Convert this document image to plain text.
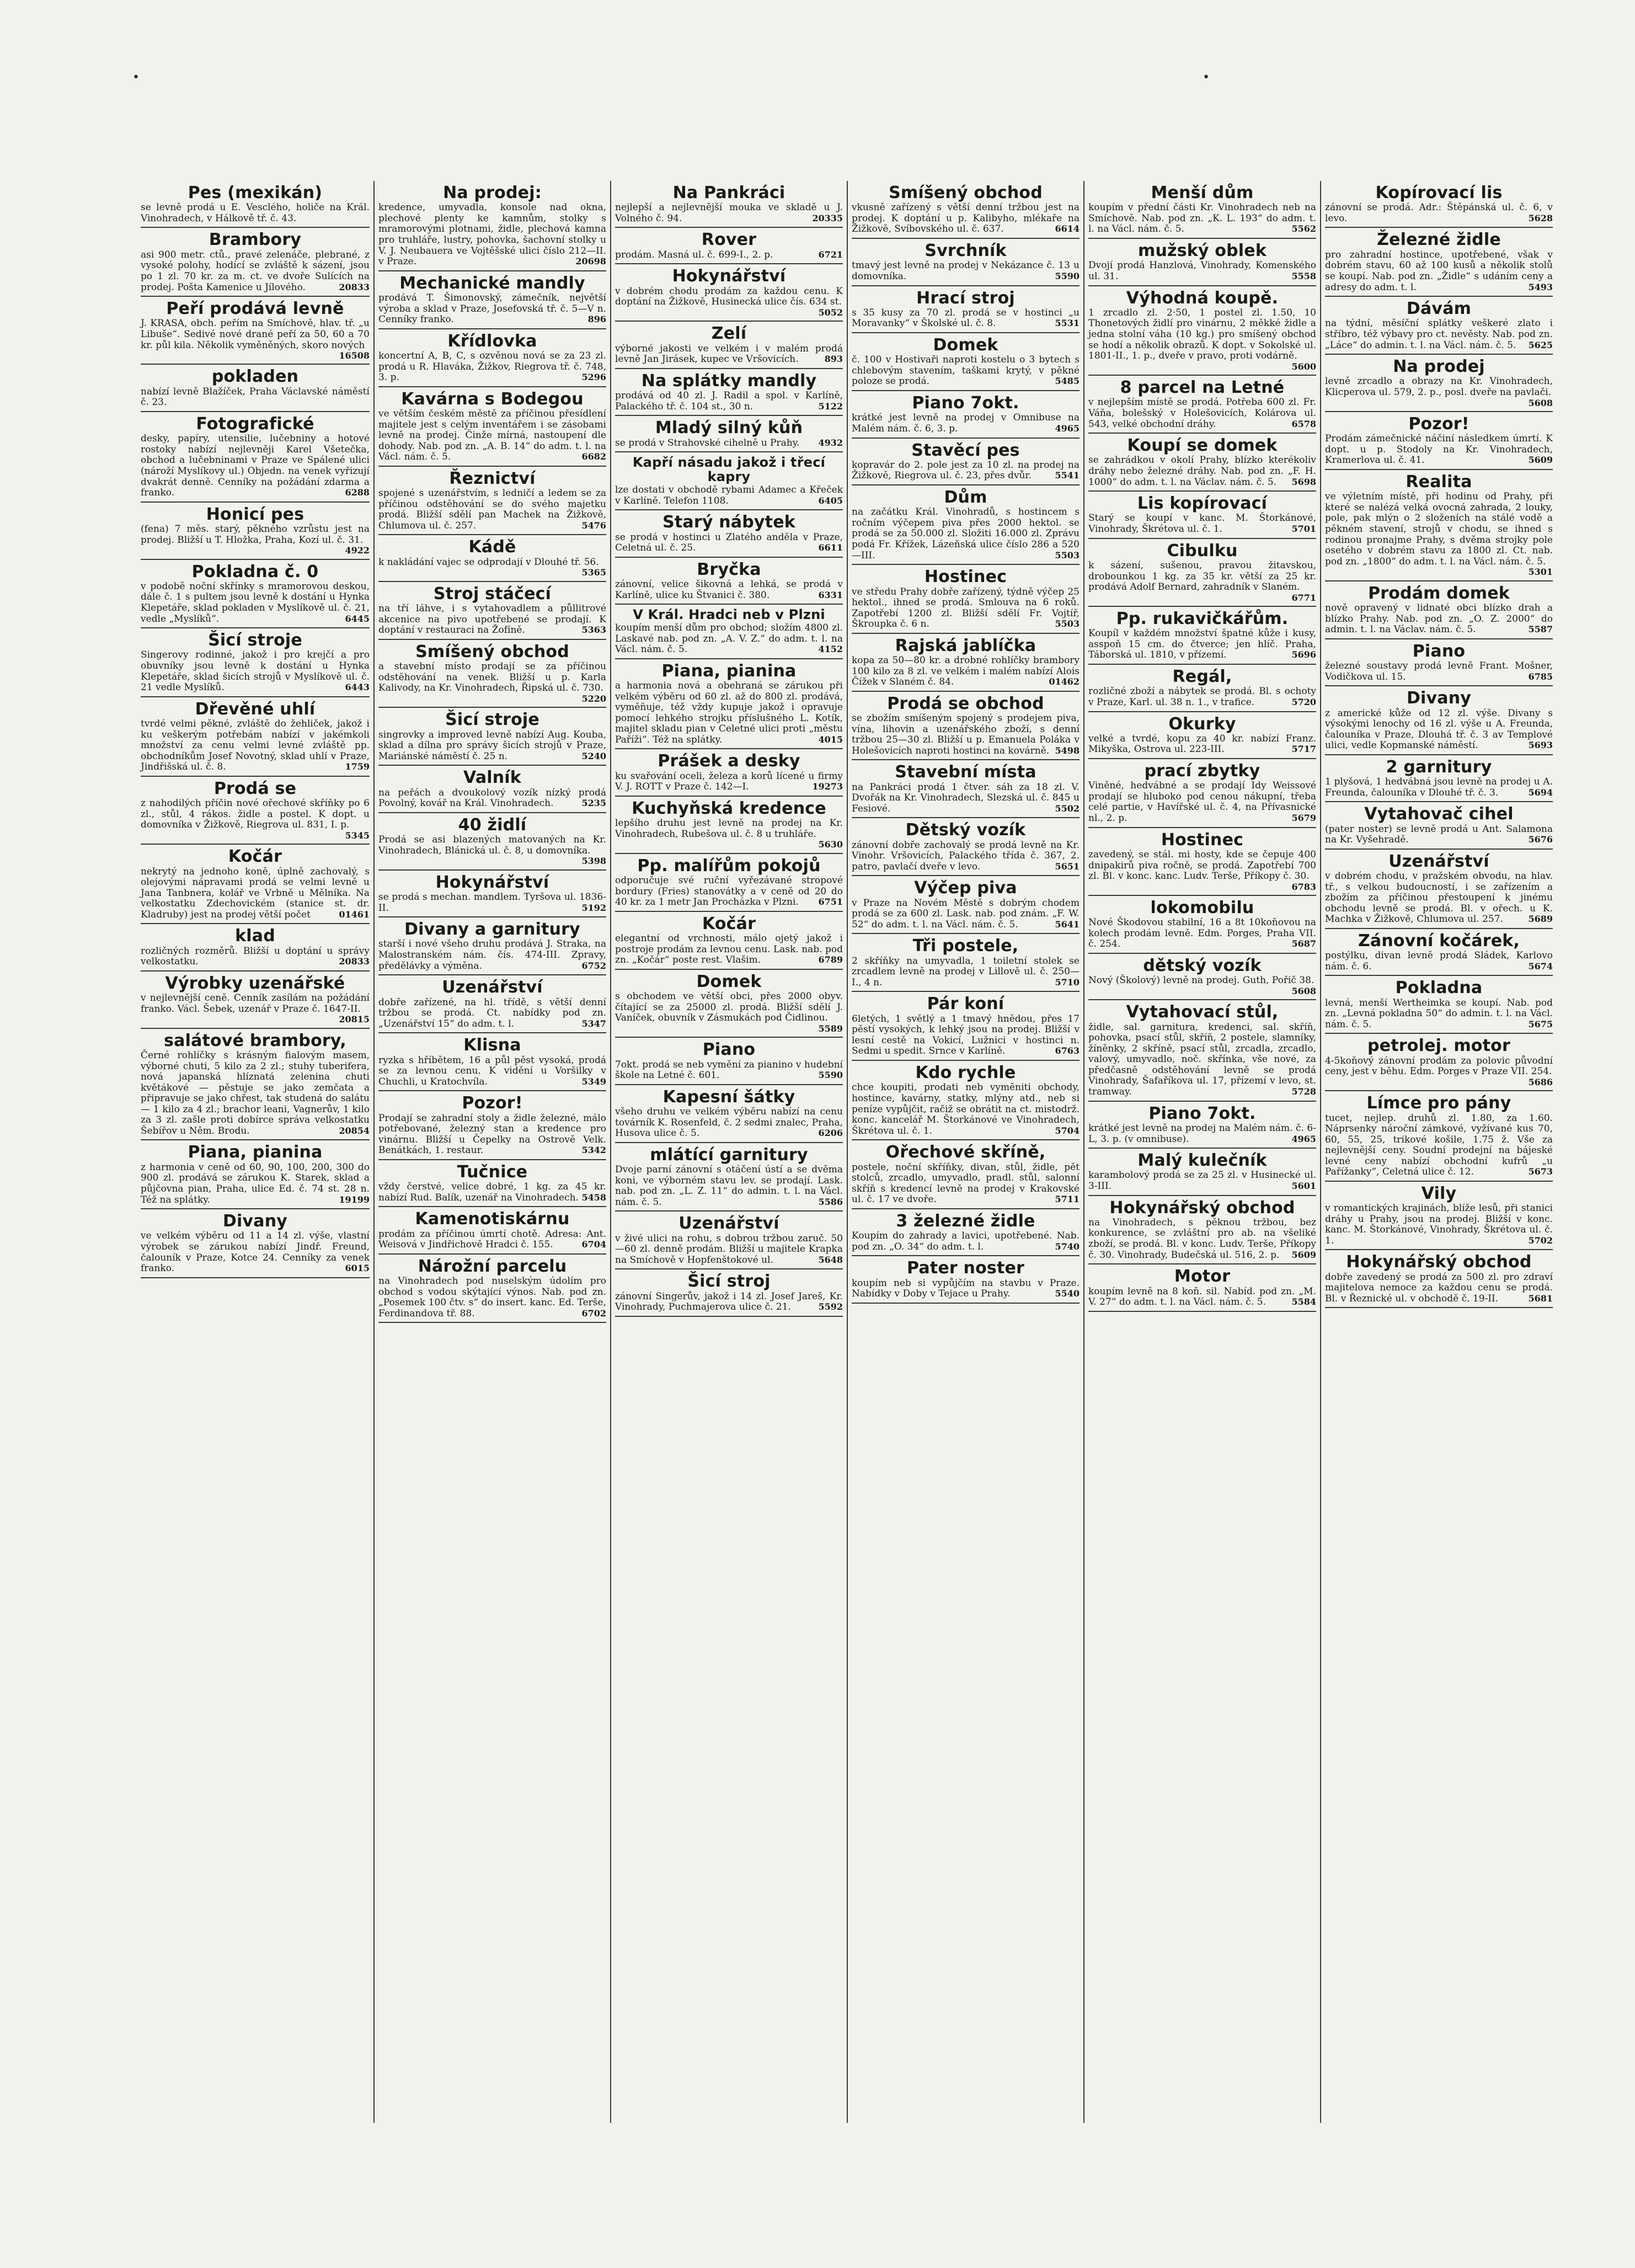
•	•
Pes (mexikán)
se levně prodá u E. Vesclého, holiče na Král. Vinohradech, v Hálkově tř. č. 43.
Brambory
asi 900 metr. ctů., pravé zelenáče, plebrané, z vysoké polohy, hodící se zvláště k sázení, jsou po 1 zl. 70 kr. za m. ct. ve dvoře Sulících na prodej. Pošta Kamenice u Jílového.	20833
Peří prodává levně
J. KRASA, obch. peřím na Smíchově, hlav. tř. „u Libuše“. Sedivé nové drané peří za 50, 60 a 70 kr. půl kila. Několik vyměněných, skoro nových
16508
pokladen
nabízí levně Blažíček, Praha Václavské náměstí č. 23.
Fotografické
desky, papíry, utensilie, lučebniny a hotové rostoky nabízí nejlevněji Karel Všetečka, obchod a lučebninami v Praze ve Spálené ulici (nároží Myslíkovy ul.) Objedn. na venek vyřizují dvakrát denně. Cenníky na požádání zdarma a franko.	6288
Honicí pes
(fena) 7 měs. starý, pěkného vzrůstu jest na prodej. Bližší u T. Hložka, Praha, Kozí ul. č. 31.
4922
Pokladna č. 0
v podobě noční skřínky s mramorovou deskou, dále č. 1 s pultem jsou levně k dostání u Hynka Klepetáře, sklad pokladen v Myslíkově ul. č. 21, vedle „Myslíků“.	6445
Šicí stroje
Singerovy rodinné, jakož i pro krejčí a pro obuvníky jsou levně k dostání u Hynka Klepetáře, sklad šicích strojů v Myslíkově ul. č. 21 vedle Myslíků.	6443
Dřevěné uhlí
tvrdé velmi pěkné, zvláště do žehliček, jakož i ku veškerým potřebám nabízí v jakémkoli množství za cenu velmi levné zvláště pp. obchodníkům Josef Novotný, sklad uhlí v Praze, Jindřišská ul. č. 8.	1759
Prodá se
z nahodilých příčin nové ořechové skříňky po 6 zl., stůl, 4 rákos. židle a postel. K dopt. u domovníka v Žižkově, Riegrova ul. 831, I. p.
5345
Kočár
nekrytý na jednoho koně, úplně zachovalý, s olejovými nápravami prodá se velmi levně u Jana Tanbnera, kolář ve Vrbně u Mělníka. Na velkostatku Zdechovickém (stanice st. dr. Kladruby) jest na prodej větší počet	01461
klad
rozličných rozměrů. Bližší u doptání u správy velkostatku.	20833
Výrobky uzenářské
v nejlevnější ceně. Cenník zasílám na požádání franko. Václ. Šebek, uzenář v Praze č. 1647-II.
20815
salátové brambory,
Černé rohlíčky s krásným fialovým masem, výborné chuti, 5 kilo za 2 zl.; stuhy tuberifera, nová japanská hlíznatá zelenina chuti květákové — pěstuje se jako zemčata a připravuje se jako chřest, tak studená do salátu — 1 kilo za 4 zl.; brachor leani, Vagnerův, 1 kilo za 3 zl. zašle proti dobírce správa velkostatku Šebířov u Něm. Brodu.	20854
Piana, pianina
z harmonia v ceně od 60, 90, 100, 200, 300 do 900 zl. prodává se zárukou K. Starek, sklad a půjčovna pian, Praha, ulice Ed. č. 74 st. 28 n. Též na splátky.	19199
Divany
ve velkém výběru od 11 a 14 zl. výše, vlastní výrobek se zárukou nabízí Jindř. Freund, čalouník v Praze, Kotce 24. Cenníky za venek franko.	6015
Na prodej:
kredence, umyvadla, konsole nad okna, plechové plenty ke kamnům, stolky s mramorovými plotnami, židle, plechová kamna pro truhláře, lustry, pohovka, šachovní stolky u V. J. Neubauera ve Vojtěšské ulici číslo 212—II. v Praze.	20698
Mechanické mandly
prodává T. Šimonovský, zámečník, největší výroba a sklad v Praze, Josefovská tř. č. 5—V n. Cenníky franko.	896
Křídlovka
koncertní A, B, C, s ozvěnou nová se za 23 zl. prodá u R. Hlaváka, Žižkov, Riegrova tř. č. 748, 3. p.	5296
Kavárna s Bodegou
ve větším českém městě za příčinou přesídlení majitele jest s celým inventářem i se zásobami levně na prodej. Činže mírná, nastoupení dle dohody. Nab. pod zn. „A. B. 14“ do adm. t. l. na Václ. nám. č. 5.	6682
Řeznictví
spojené s uzenářstvím, s ledničí a ledem se za příčinou odstěhování se do svého majetku prodá. Bližší sdělí pan Machek na Žižkově, Chlumova ul. č. 257.	5476
Kádě
k nakládání vajec se odprodají v Dlouhé tř. 56.
5365
Stroj stáčecí
na tří láhve, i s vytahovadlem a půllitrové akcenice na pivo upotřebené se prodají. K doptání v restauraci na Žofíně.	5363
Smíšený obchod
a stavební místo prodají se za příčinou odstěhování na venek. Bližší u p. Karla Kalivody, na Kr. Vinohradech, Řipská ul. č. 730.
5220
Šicí stroje
singrovky a improved levně nabízí Aug. Kouba, sklad a dílna pro správy šicích strojů v Praze, Mariánské náměstí č. 25 n.	5240
Valník
na peřách a dvoukolový vozík nízký prodá Povolný, kovář na Král. Vinohradech.	5235
40 židlí
Prodá se asi blazených matovaných na Kr. Vinohradech, Blánická ul. č. 8, u domovníka.
5398
Hokynářství
se prodá s mechan. mandlem. Tyršova ul. 1836-II.	5192
Divany a garnitury
starší i nové všeho druhu prodává J. Straka, na Malostranském nám. čís. 474-III. Zpravy, předělávky a výměna.	6752
Uzenářství
dobře zařízené, na hl. třídě, s větší denní tržbou se prodá. Ct. nabídky pod zn. „Uzenářství 15“ do adm. t. l.	5347
Klisna
ryzka s hříbětem, 16 a půl pěst vysoká, prodá se za levnou cenu. K vidění u Voršilky v Chuchli, u Kratochvíla.	5349
Pozor!
Prodají se zahradní stoly a židle železné, málo potřebované, železný stan a kredence pro vinárnu. Bližší u Čepelky na Ostrově Velk. Benátkách, 1. restaur.	5342
Tučnice
vždy čerstvé, velice dobré, 1 kg. za 45 kr. nabízí Rud. Balík, uzenář na Vinohradech. 5458
Kamenotiskárnu
prodám za příčinou úmrtí chotě. Adresa: Ant. Weisová v Jindřichově Hradci č. 155.	6704
Nárožní parcelu
na Vinohradech pod nuselským údolím pro obchod s vodou skýtající výnos. Nab. pod zn. „Posemek 100 čtv. s“ do insert. kanc. Ed. Terše, Ferdinandova tř. 88.	6702
Na Pankráci
nejlepší a nejlevnější mouka ve skladě u J. Volného č. 94.	20335
Rover
prodám. Masná ul. č. 699-I., 2. p.	6721
Hokynářství
v dobrém chodu prodám za každou cenu. K doptání na Žižkově, Husinecká ulice čís. 634 st.
5052
Zelí
výborné jakosti ve velkém i v malém prodá levně Jan Jirásek, kupec ve Vršovicích.	893
Na splátky mandly
prodává od 40 zl. J. Radil a spol. v Karlíně, Palackého tř. č. 104 st., 30 n.	5122
Mladý silný kůň
se prodá v Strahovské cihelně u Prahy. 4932
Kapří násadu jakož i třecí kapry
lze dostati v obchodě rybami Adamec a Křeček v Karlíně. Telefon 1108.	6405
Starý nábytek
se prodá v hostinci u Zlatého anděla v Praze, Celetná ul. č. 25.	6611
Bryčka
zánovní, velice šikovná a lehká, se prodá v Karlíně, ulice ku Štvanici č. 380.	6331
V Král. Hradci neb v Plzni
koupím menší dům pro obchod; složím 4800 zl. Laskavé nab. pod zn. „A. V. Z.“ do adm. t. l. na Václ. nám. č. 5.	4152
Piana, pianina
a harmonia nová a obehraná se zárukou při velkém výběru od 60 zl. až do 800 zl. prodává, vyměňuje, též vždy kupuje jakož i opravuje pomocí lehkého strojku příslušného L. Kotík, majitel skladu pian v Celetné ulici proti „městu Paříži“. Též na splátky.	4015
Prášek a desky
ku svařování oceli, železa a korů lícené u firmy V. J. ROTT v Praze č. 142—I.	19273
Kuchyňská kredence
lepšího druhu jest levně na prodej na Kr. Vinohradech, Rubešova ul. č. 8 u truhláře.
5630
Pp. malířům pokojů
odporučuje své ruční vyřezávané stropové bordury (Fries) stanovátky a v ceně od 20 do 40 kr. za 1 metr Jan Procházka v Plzni. 6751
Kočár
elegantní od vrchnosti, málo ojetý jakož i postroje prodám za levnou cenu. Lask. nab. pod zn. „Kočár“ poste rest. Vlašim.	6789
Domek
s obchodem ve větší obci, přes 2000 obyv. čítající se za 25000 zl. prodá. Bližší sdělí J. Vaníček, obuvník v Zásmukách pod Čidlinou.
5589
Piano
7okt. prodá se neb vymění za pianino v hudební škole na Letné č. 601.	5590
Kapesní šátky
všeho druhu ve velkém výběru nabízí na cenu továrník K. Rosenfeld, č. 2 sedmi znalec, Praha, Husova ulice č. 5.	6206
mlátící garnitury
Dvoje parní zánovní s otáčení ústí a se dvěma koni, ve výborném stavu lev. se prodají. Lask. nab. pod zn. „L. Z. 11“ do admin. t. l. na Václ. nám. č. 5.	5586
Uzenářství
v živé ulici na rohu, s dobrou tržbou zaruč. 50—60 zl. denně prodám. Bližší u majitele Krapka na Smíchově v Hopfenštokové ul.	5648
Šicí stroj
zánovní Singerův, jakož i 14 zl. Josef Jareš, Kr. Vinohrady, Puchmajerova ulice č. 21.	5592
Smíšený obchod
vkusně zařízený s větší denní tržbou jest na prodej. K doptání u p. Kalibyho, mlékaře na Žižkově, Svíbovského ul. č. 637.	6614
Svrchník
tmavý jest levně na prodej v Nekázance č. 13 u domovníka.	5590
Hrací stroj
s 35 kusy za 70 zl. prodá se v hostinci „u Moravanky“ v Školské ul. č. 8.	5531
Domek
č. 100 v Hostivaři naproti kostelu o 3 bytech s chlebovým stavením, taškami krytý, v pěkné poloze se prodá.	5485
Piano 7okt.
krátké jest levně na prodej v Omnibuse na Malém nám. č. 6, 3. p.	4965
Stavěcí pes
kopravár do 2. pole jest za 10 zl. na prodej na Žižkově, Riegrova ul. č. 23, přes dvůr.	5541
Dům
na začátku Král. Vinohradů, s hostincem s ročním výčepem piva přes 2000 hektol. se prodá se za 50.000 zl. Složiti 16.000 zl. Zprávu podá Fr. Křížek, Lázeňská ulice číslo 286 a 520—III.	5503
Hostinec
ve středu Prahy dobře zařízený, týdně výčep 25 hektol., ihned se prodá. Smlouva na 6 roků. Zapotřebí 1200 zl. Bližší sdělí Fr. Vojtíř, Škroupka č. 6 n.	5503
Rajská jablíčka
kopa za 50—80 kr. a drobné rohlíčky brambory 100 kilo za 8 zl. ve velkém i malém nabízí Alois Čížek v Slaném č. 84.	01462
Prodá se obchod
se zbožím smíšeným spojený s prodejem piva, vína, lihovin a uzenářského zboží, s denní tržbou 25—30 zl. Bližší u p. Emanuela Poláka v Holešovicích naproti hostinci na kovárně. 5498
Stavební místa
na Pankráci prodá 1 čtver. sáh za 18 zl. V. Dvořák na Kr. Vinohradech, Slezská ul. č. 845 u Fesiové.	5502
Dětský vozík
zánovní dobře zachovalý se prodá levně na Kr. Vinohr. Vršovicích, Palackého třída č. 367, 2. patro, pavlačí dveře v levo.	5651
Výčep piva
v Praze na Novém Městě s dobrým chodem prodá se za 600 zl. Lask. nab. pod znám. „F. W. 52“ do adm. t. l. na Václ. nám. č. 5.	5641
Tři postele,
2 skříňky na umyvadla, 1 toiletní stolek se zrcadlem levně na prodej v Lillově ul. č. 250—I., 4 n.	5710
Pár koní
6letých, 1 světlý a 1 tmavý hnědou, přes 17 pěstí vysokých, k lehký jsou na prodej. Bližší v lesní cestě na Vokicí, Lužnici v hostinci n. Sedmi u spedit. Srnce v Karlíně.	6763
Kdo rychle
chce koupiti, prodati neb vyměniti obchody, hostince, kavárny, statky, mlýny atd., neb si peníze vypůjčit, račiž se obrátit na ct. mistodrž. konc. kancelář M. Štorkánové ve Vinohradech, Škrétova ul. č. 1.	5704
Ořechové skříně,
postele, noční skříňky, divan, stůl, židle, pět stolců, zrcadlo, umyvadlo, pradl. stůl, salonní skříň s kredencí levně na prodej v Krakovské ul. č. 17 ve dvoře.	5711
3 železné židle
Koupím do zahrady a lavici, upotřebené. Nab. pod zn. „O. 34“ do adm. t. l.	5740
Pater noster
koupím neb si vypůjčím na stavbu v Praze. Nabídky v Doby v Tejace u Prahy.	5540
Menší dům
koupím v přední části Kr. Vinohradech neb na Smíchově. Nab. pod zn. „K. L. 193“ do adm. t. l. na Václ. nám. č. 5.	5562
mužský oblek
Dvojí prodá Hanzlová, Vinohrady, Komenského ul. 31.	5558
Výhodná koupě.
1 zrcadlo zl. 2·50, 1 postel zl. 1.50, 10 Thonetových židlí pro vinárnu, 2 měkké židle a jedna stolní váha (10 kg.) pro smíšený obchod se hodí a několik obrazů. K dopt. v Sokolské ul. 1801-II., 1. p., dveře v pravo, proti vodárně.
5600
8 parcel na Letné
v nejlepším místě se prodá. Potřeba 600 zl. Fr. Váňa, bolešský v Holešovicích, Kolárova ul. 543, velké obchodní dráhy.	6578
Koupí se domek
se zahrádkou v okolí Prahy, blízko kterékoliv dráhy nebo železné dráhy. Nab. pod zn. „F. H. 1000“ do adm. t. l. na Václav. nám. č. 5. 5698
Lis kopírovací
Starý se koupí v kanc. M. Štorkánové, Vinohrady, Škrétova ul. č. 1.	5701
Cibulku
k sázení, sušenou, pravou žitavskou, drobounkou 1 kg. za 35 kr. větší za 25 kr. prodává Adolf Bernard, zahradník v Slaném.
6771
Pp. rukavičkářům.
Koupíl v každém množství špatné kůže i kusy, asspoň 15 cm. do čtverce; jen hlíč. Praha, Táborská ul. 1810, v přízemí.	5696
Regál,
rozličné zboží a nábytek se prodá. Bl. s ochoty v Praze, Karl. ul. 38 n. 1., v trafice.	5720
Okurky
velké a tvrdé, kopu za 40 kr. nabízí Franz. Mikyška, Ostrova ul. 223-III.	5717
prací zbytky
Viněné, hedvábné a se prodají Idy Weissové prodají se hluboko pod cenou nákupní, třeba celé partie, v Havířské ul. č. 4, na Přívasnické nl., 2. p.	5679
Hostinec
zavedený, se stál. mi hosty, kde se čepuje 400 dnipakirů piva ročně, se prodá. Zapotřebí 700 zl. Bl. v konc. kanc. Ludv. Terše, Příkopy č. 30.
6783
lokomobilu
Nové Škodovou stabilní, 16 a 8t 10koňovou na kolech prodám levně. Edm. Porges, Praha VII. č. 254.	5687
dětský vozík
Nový (Školový) levně na prodej. Guth, Pořič 38.
5608
Vytahovací stůl,
židle, sal. garnitura, kredenci, sal. skříň, pohovka, psací stůl, skříň, 2 postele, slamníky, žíněnky, 2 skříně, psací stůl, zrcadla, zrcadlo, valový, umyvadlo, noč. skřínka, vše nové, za předčasně odstěhování levně se prodá Vinohrady, Šafaříkova ul. 17, přízemí v levo, st. tramway.	5728
Piano 7okt.
krátké jest levně na prodej na Malém nám. č. 6-L, 3. p. (v omnibuse).	4965
Malý kulečník
karambolový prodá se za 25 zl. v Husinecké ul. 3-III.	5601
Hokynářský obchod
na Vinohradech, s pěknou tržbou, bez konkurence, se zvláštní pro ab. na všeliké zboží, se prodá. Bl. v konc. Ludv. Terše, Příkopy č. 30. Vinohrady, Budečská ul. 516, 2. p. 5609
Motor
koupím levně na 8 koň. sil. Nabíd. pod zn. „M. V. 27“ do adm. t. l. na Václ. nám. č. 5.	5584
Kopírovací lis
zánovní se prodá. Adr.: Štěpánská ul. č. 6, v levo.	5628
Železné židle
pro zahradní hostince, upotřebené, však v dobrém stavu, 60 až 100 kusů a několik stolů se koupí. Nab. pod zn. „Židle“ s udáním ceny a adresy do adm. t. l.	5493
Dávám
na týdní, měsíční splátky veškeré zlato i stříbro, též výbavy pro ct. nevěsty. Nab. pod zn. „Láce“ do admin. t. l. na Václ. nám. č. 5. 5625
Na prodej
levně zrcadlo a obrazy na Kr. Vinohradech, Klicperova ul. 579, 2. p., posl. dveře na pavlači.
5608
Pozor!
Prodám zámečnické náčiní následkem úmrtí. K dopt. u p. Stodoly na Kr. Vinohradech, Kramerlova ul. č. 41.	5609
Realita
ve výletním místě, při hodinu od Prahy, při které se nalézá velká ovocná zahrada, 2 louky, pole, pak mlýn o 2 složeních na stálé vodě a pěkném stavení, strojů v chodu, se ihned s rodinou pronajme Prahy, s dvěma strojky pole osetého v dobrém stavu za 1800 zl. Ct. nab. pod zn. „1800“ do adm. t. l. na Václ. nám. č. 5.
5301
Prodám domek
nově opravený v lidnaté obci blízko drah a blízko Prahy. Nab. pod zn. „O. Z. 2000“ do admin. t. l. na Václav. nám. č. 5.	5587
Piano
železné soustavy prodá levně Frant. Mošner, Vodičkova ul. 15.	6785
Divany
z americké kůže od 12 zl. výše. Divany s výsokými lenochy od 16 zl. výše u A. Freunda, čalouníka v Praze, Dlouhá tř. č. 3 av Templové ulici, vedle Kopmanské náměstí.	5693
2 garnitury
1 plyšová, 1 hedvábná jsou levně na prodej u A. Freunda, čalouníka v Dlouhé tř. č. 3.	5694
Vytahovač cihel
(pater noster) se levně prodá u Ant. Salamona na Kr. Vyšehradě.	5676
Uzenářství
v dobrém chodu, v pražském obvodu, na hlav. tř., s velkou budoucností, i se zařízením a zbožím za příčinou přestoupení k jinému obchodu levně se prodá. Bl. v ořech. u K. Machka v Žižkově, Chlumova ul. 257.	5689
Zánovní kočárek,
postýlku, divan levně prodá Sládek, Karlovo nám. č. 6.	5674
Pokladna
levná, menší Wertheimka se koupí. Nab. pod zn. „Levná pokladna 50“ do admin. t. l. na Václ. nám. č. 5.	5675
petrolej. motor
4-5koňový zánovní prodám za polovic původní ceny, jest v běhu. Edm. Porges v Praze VII. 254.
5686
Límce pro pány
tucet, nejlep. druhů zl. 1.80, za 1.60. Náprsenky nároční zámkové, vyžívané kus 70, 60, 55, 25, trikové košile, 1.75 ž. Vše za nejlevnější ceny. Soudní prodejní na bájeské levné ceny nabízí obchodní kufrů „u Pařížanky“, Celetná ulice č. 12.	5673
Vily
v romantických krajinách, blíže lesů, při stanici dráhy u Prahy, jsou na prodej. Bližší v konc. kanc. M. Štorkánové, Vinohrady, Škrétova ul. č. 1.	5702
Hokynářský obchod
dobře zavedený se prodá za 500 zl. pro zdraví majitelova nemoce za každou cenu se prodá. Bl. v Řeznické ul. v obchodě č. 19-II.	5681
